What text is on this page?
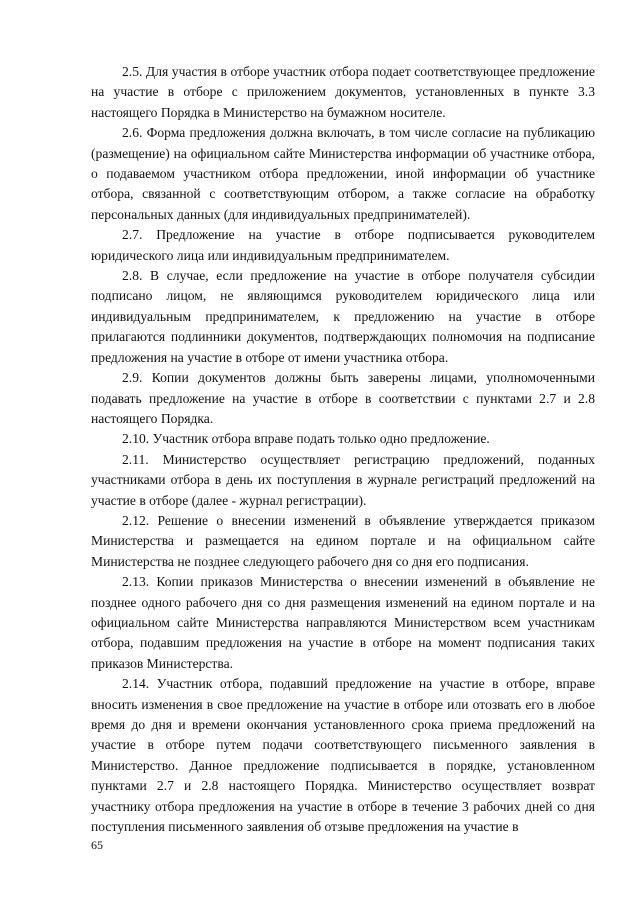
2.5. Для участия в отборе участник отбора подает соответствующее предложение на участие в отборе с приложением документов, установленных в пункте 3.3 настоящего Порядка в Министерство на бумажном носителе.

2.6. Форма предложения должна включать, в том числе согласие на публикацию (размещение) на официальном сайте Министерства информации об участнике отбора, о подаваемом участником отбора предложении, иной информации об участнике отбора, связанной с соответствующим отбором, а также согласие на обработку персональных данных (для индивидуальных предпринимателей).

2.7. Предложение на участие в отборе подписывается руководителем юридического лица или индивидуальным предпринимателем.

2.8. В случае, если предложение на участие в отборе получателя субсидии подписано лицом, не являющимся руководителем юридического лица или индивидуальным предпринимателем, к предложению на участие в отборе прилагаются подлинники документов, подтверждающих полномочия на подписание предложения на участие в отборе от имени участника отбора.

2.9. Копии документов должны быть заверены лицами, уполномоченными подавать предложение на участие в отборе в соответствии с пунктами 2.7 и 2.8 настоящего Порядка.

2.10. Участник отбора вправе подать только одно предложение.

2.11. Министерство осуществляет регистрацию предложений, поданных участниками отбора в день их поступления в журнале регистраций предложений на участие в отборе (далее - журнал регистрации).

2.12. Решение о внесении изменений в объявление утверждается приказом Министерства и размещается на едином портале и на официальном сайте Министерства не позднее следующего рабочего дня со дня его подписания.

2.13. Копии приказов Министерства о внесении изменений в объявление не позднее одного рабочего дня со дня размещения изменений на едином портале и на официальном сайте Министерства направляются Министерством всем участникам отбора, подавшим предложения на участие в отборе на момент подписания таких приказов Министерства.

2.14. Участник отбора, подавший предложение на участие в отборе, вправе вносить изменения в свое предложение на участие в отборе или отозвать его в любое время до дня и времени окончания установленного срока приема предложений на участие в отборе путем подачи соответствующего письменного заявления в Министерство. Данное предложение подписывается в порядке, установленном пунктами 2.7 и 2.8 настоящего Порядка. Министерство осуществляет возврат участнику отбора предложения на участие в отборе в течение 3 рабочих дней со дня поступления письменного заявления об отзыве предложения на участие в

65
